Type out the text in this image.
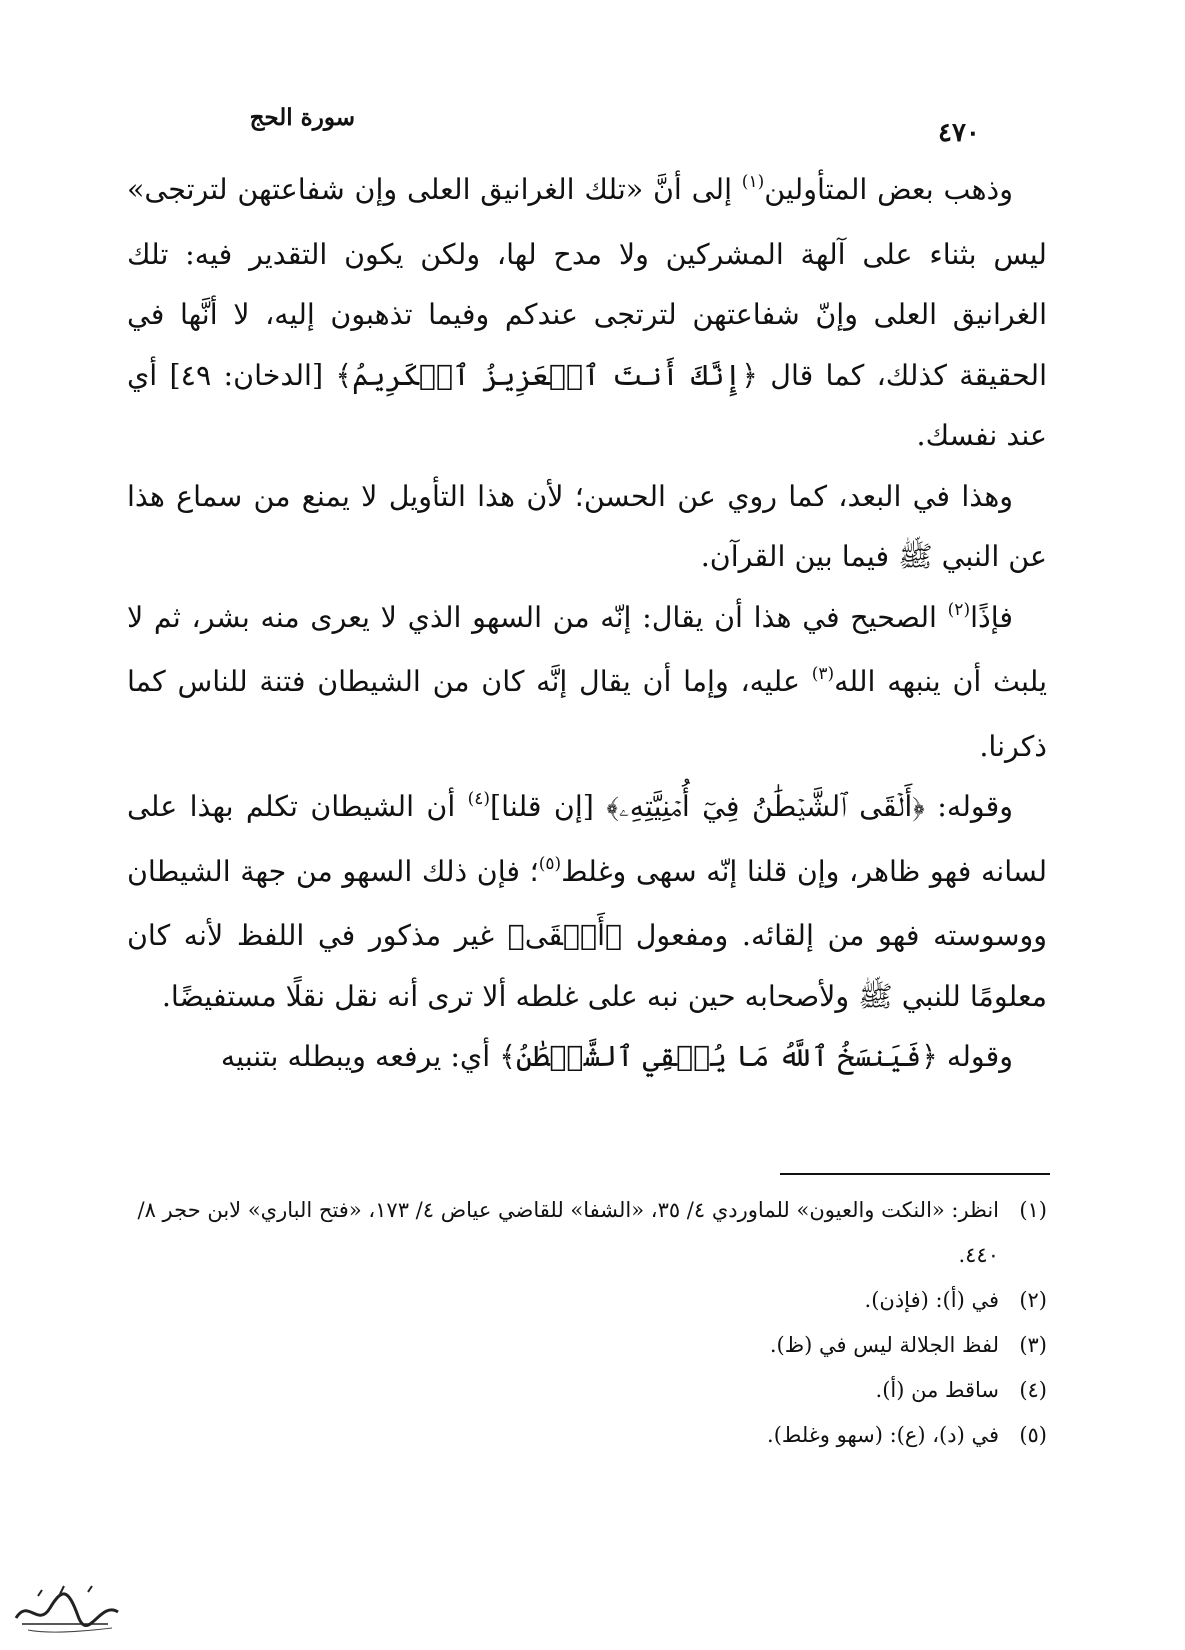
سورة الحج
٤٧٠

وذهب بعض المتأولين$^{(١)}$ إلى أنَّ «تلك الغرانيق العلى وإن شفاعتهن لترتجى» ليس بثناء على آلهة المشركين ولا مدح لها، ولكن يكون التقدير فيه: تلك الغرانيق العلى وإنّ شفاعتهن لترتجى عندكم وفيما تذهبون إليه، لا أنَّها في الحقيقة كذلك، كما قال ﴿إِنَّكَ أَنتَ ٱلۡعَزِيزُ ٱلۡكَرِيمُ﴾ [الدخان: ٤٩] أي عند نفسك.

وهذا في البعد، كما روي عن الحسن؛ لأن هذا التأويل لا يمنع من سماع هذا عن النبي ﷺ فيما بين القرآن.

فإذًا$^{(٢)}$ الصحيح في هذا أن يقال: إنّه من السهو الذي لا يعرى منه بشر، ثم لا يلبث أن ينبهه الله$^{(٣)}$ عليه، وإما أن يقال إنَّه كان من الشيطان فتنة للناس كما ذكرنا.

وقوله: ﴿أَلۡقَى ٱلشَّيۡطَٰنُ فِيٓ أُمۡنِيَّتِهِۦ﴾ [إن قلنا]$^{(٤)}$ أن الشيطان تكلم بهذا على لسانه فهو ظاهر، وإن قلنا إنّه سهى وغلط$^{(٥)}$؛ فإن ذلك السهو من جهة الشيطان ووسوسته فهو من إلقائه. ومفعول ﴿أَلۡقَى﴾ غير مذكور في اللفظ لأنه كان معلومًا للنبي ﷺ ولأصحابه حين نبه على غلطه ألا ترى أنه نقل نقلًا مستفيضًا.

وقوله ﴿فَيَنسَخُ ٱللَّهُ مَا يُلۡقِي ٱلشَّيۡطَٰنُ﴾ أي: يرفعه ويبطله بتنبيه

(١)
انظر: «النكت والعيون» للماوردي ٤/ ٣٥، «الشفا» للقاضي عياض ٤/ ١٧٣، «فتح الباري» لابن حجر ٨/ ٤٤٠.

(٢)
في (أ): (فإذن).

(٣)
لفظ الجلالة ليس في (ظ).

(٤)
ساقط من (أ).

(٥)
في (د)، (ع): (سهو وغلط).
